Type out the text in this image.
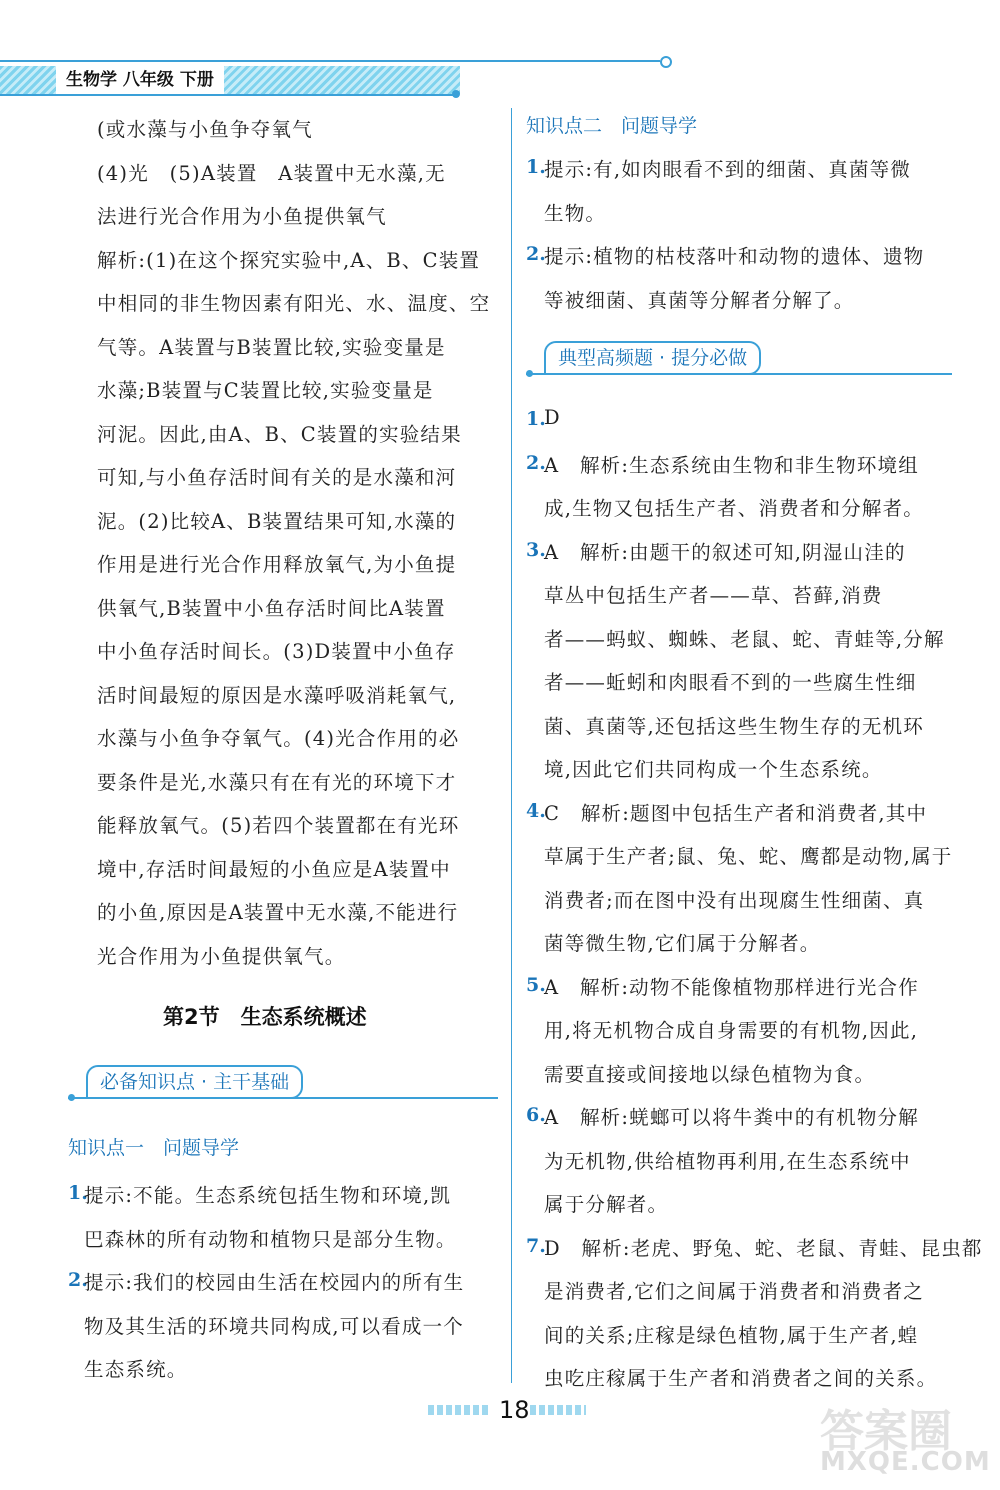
生物学 八年级 下册
(或水藻与小鱼争夺氧气
(4)光　(5)A装置　A装置中无水藻,无
法进行光合作用为小鱼提供氧气
解析:(1)在这个探究实验中,A、B、C装置
中相同的非生物因素有阳光、水、温度、空
气等。A装置与B装置比较,实验变量是
水藻;B装置与C装置比较,实验变量是
河泥。因此,由A、B、C装置的实验结果
可知,与小鱼存活时间有关的是水藻和河
泥。(2)比较A、B装置结果可知,水藻的
作用是进行光合作用释放氧气,为小鱼提
供氧气,B装置中小鱼存活时间比A装置
中小鱼存活时间长。(3)D装置中小鱼存
活时间最短的原因是水藻呼吸消耗氧气,
水藻与小鱼争夺氧气。(4)光合作用的必
要条件是光,水藻只有在有光的环境下才
能释放氧气。(5)若四个装置都在有光环
境中,存活时间最短的小鱼应是A装置中
的小鱼,原因是A装置中无水藻,不能进行
光合作用为小鱼提供氧气。
第2节　生态系统概述
必备知识点 · 主干基础
知识点一　问题导学
1.
提示:不能。生态系统包括生物和环境,凯
巴森林的所有动物和植物只是部分生物。
2.
提示:我们的校园由生活在校园内的所有生
物及其生活的环境共同构成,可以看成一个
生态系统。
知识点二　问题导学
1.
提示:有,如肉眼看不到的细菌、真菌等微
生物。
2.
提示:植物的枯枝落叶和动物的遗体、遗物
等被细菌、真菌等分解者分解了。
典型高频题 · 提分必做
1.
D
2.
A　解析:生态系统由生物和非生物环境组
成,生物又包括生产者、消费者和分解者。
3.
A　解析:由题干的叙述可知,阴湿山洼的
草丛中包括生产者——草、苔藓,消费
者——蚂蚁、蜘蛛、老鼠、蛇、青蛙等,分解
者——蚯蚓和肉眼看不到的一些腐生性细
菌、真菌等,还包括这些生物生存的无机环
境,因此它们共同构成一个生态系统。
4.
C　解析:题图中包括生产者和消费者,其中
草属于生产者;鼠、兔、蛇、鹰都是动物,属于
消费者;而在图中没有出现腐生性细菌、真
菌等微生物,它们属于分解者。
5.
A　解析:动物不能像植物那样进行光合作
用,将无机物合成自身需要的有机物,因此,
需要直接或间接地以绿色植物为食。
6.
A　解析:蜣螂可以将牛粪中的有机物分解
为无机物,供给植物再利用,在生态系统中
属于分解者。
7.
D　解析:老虎、野兔、蛇、老鼠、青蛙、昆虫都
是消费者,它们之间属于消费者和消费者之
间的关系;庄稼是绿色植物,属于生产者,蝗
虫吃庄稼属于生产者和消费者之间的关系。
18	答案圈
MXQE.COM
